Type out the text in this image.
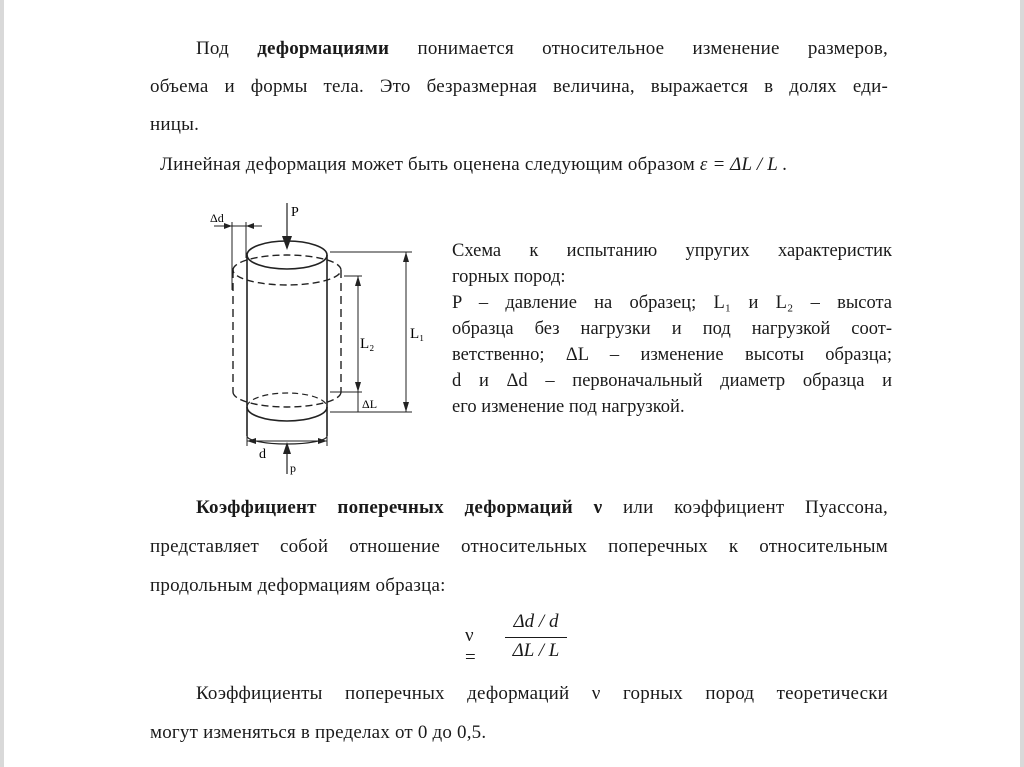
Под деформациями понимается относительное изменение размеров,
объема и формы тела. Это безразмерная величина, выражается в долях еди-
ницы.
Линейная деформация может быть оценена следующим образом ε = ΔL / L .
P
Δd
L₁
L₂
ΔL
d
p
Схема к испытанию упругих характеристик
горных пород:
P – давление на образец; L₁ и L₂ – высота
образца без нагрузки и под нагрузкой соот-
ветственно; ΔL – изменение высоты образца;
d и Δd – первоначальный диаметр образца и
его изменение под нагрузкой.
Коэффициент поперечных деформаций ν или коэффициент Пуассона,
представляет собой отношение относительных поперечных к относительным
продольным деформациям образца:
ν =
Δd / d
ΔL / L
Коэффициенты поперечных деформаций ν горных пород теоретически
могут изменяться в пределах от 0 до 0,5.
